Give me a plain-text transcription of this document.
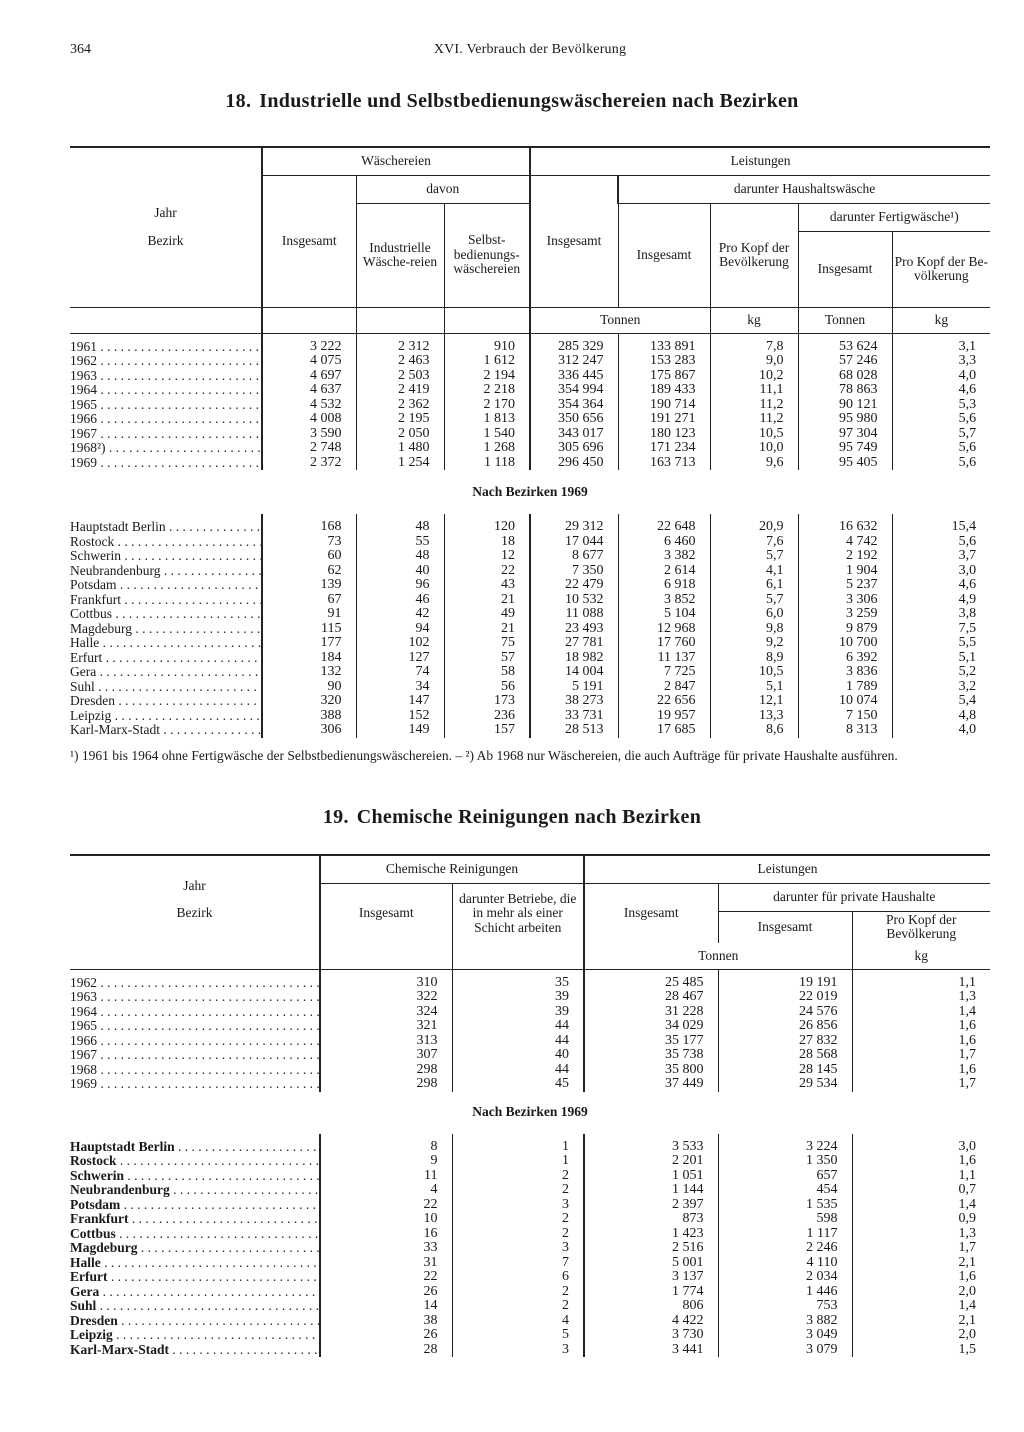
364	XVI. Verbrauch der Bevölkerung
18. Industrielle und Selbstbedienungswäschereien nach Bezirken
Jahr
Bezirk	Wäschereien			Leistungen				
	Insgesamt	davon		Insgesamt	darunter Haushaltswäsche			
		Industrielle Wäsche-reien	Selbst-bedienungs-wäschereien		Insgesamt	Pro Kopf der Bevölkerung	darunter Fertigwäsche¹)	
							Insgesamt	Pro Kopf der Be-völkerung
				Tonnen		kg	Tonnen	kg

1961 . . .	3 222	2 312	910	285 329	133 891	7,8	53 624	3,1
1962 . . .	4 075	2 463	1 612	312 247	153 283	9,0	57 246	3,3
1963 . . .	4 697	2 503	2 194	336 445	175 867	10,2	68 028	4,0
1964 . . .	4 637	2 419	2 218	354 994	189 433	11,1	78 863	4,6
1965 . . .	4 532	2 362	2 170	354 364	190 714	11,2	90 121	5,3
1966 . . .	4 008	2 195	1 813	350 656	191 271	11,2	95 980	5,6
1967 . . .	3 590	2 050	1 540	343 017	180 123	10,5	97 304	5,7
1968²) . . .	2 748	1 480	1 268	305 696	171 234	10,0	95 749	5,6
1969 . . .	2 372	1 254	1 118	296 450	163 713	9,6	95 405	5,6
Nach Bezirken 1969								

Hauptstadt Berlin . . .	168	48	120	29 312	22 648	20,9	16 632	15,4
Rostock . . .	73	55	18	17 044	6 460	7,6	4 742	5,6
Schwerin . . .	60	48	12	8 677	3 382	5,7	2 192	3,7
Neubrandenburg . . .	62	40	22	7 350	2 614	4,1	1 904	3,0
Potsdam . . .	139	96	43	22 479	6 918	6,1	5 237	4,6
Frankfurt . . .	67	46	21	10 532	3 852	5,7	3 306	4,9
Cottbus . . .	91	42	49	11 088	5 104	6,0	3 259	3,8
Magdeburg . . .	115	94	21	23 493	12 968	9,8	9 879	7,5
Halle . . .	177	102	75	27 781	17 760	9,2	10 700	5,5
Erfurt . . .	184	127	57	18 982	11 137	8,9	6 392	5,1
Gera . . .	132	74	58	14 004	7 725	10,5	3 836	5,2
Suhl . . .	90	34	56	5 191	2 847	5,1	1 789	3,2
Dresden . . .	320	147	173	38 273	22 656	12,1	10 074	5,4
Leipzig . . .	388	152	236	33 731	19 957	13,3	7 150	4,8
Karl-Marx-Stadt . . .	306	149	157	28 513	17 685	8,6	8 313	4,0
¹) 1961 bis 1964 ohne Fertigwäsche der Selbstbedienungswäschereien. – ²) Ab 1968 nur Wäschereien, die auch Aufträge für private Haushalte ausführen.
19. Chemische Reinigungen nach Bezirken
Jahr
Bezirk	Chemische Reinigungen		Leistungen		
	Insgesamt	darunter Betriebe, die in mehr als einer Schicht arbeiten	Insgesamt	darunter für private Haushalte	
				Insgesamt	Pro Kopf der Bevölkerung
			Tonnen		kg

1962 . . .	310	35	25 485	19 191	1,1
1963 . . .	322	39	28 467	22 019	1,3
1964 . . .	324	39	31 228	24 576	1,4
1965 . . .	321	44	34 029	26 856	1,6
1966 . . .	313	44	35 177	27 832	1,6
1967 . . .	307	40	35 738	28 568	1,7
1968 . . .	298	44	35 800	28 145	1,6
1969 . . .	298	45	37 449	29 534	1,7
Nach Bezirken 1969					

Hauptstadt Berlin . . .	8	1	3 533	3 224	3,0
Rostock . . .	9	1	2 201	1 350	1,6
Schwerin . . .	11	2	1 051	657	1,1
Neubrandenburg . . .	4	2	1 144	454	0,7
Potsdam . . .	22	3	2 397	1 535	1,4
Frankfurt . . .	10	2	873	598	0,9
Cottbus . . .	16	2	1 423	1 117	1,3
Magdeburg . . .	33	3	2 516	2 246	1,7
Halle . . .	31	7	5 001	4 110	2,1
Erfurt . . .	22	6	3 137	2 034	1,6
Gera . . .	26	2	1 774	1 446	2,0
Suhl . . .	14	2	806	753	1,4
Dresden . . .	38	4	4 422	3 882	2,1
Leipzig . . .	26	5	3 730	3 049	2,0
Karl-Marx-Stadt . . .	28	3	3 441	3 079	1,5
